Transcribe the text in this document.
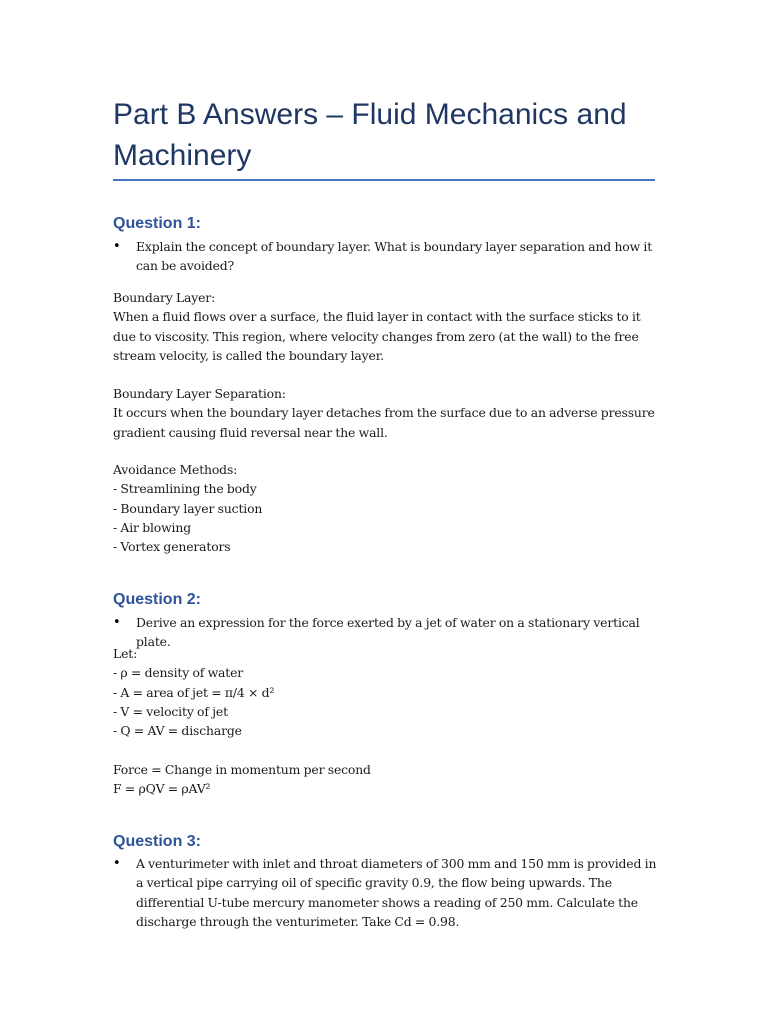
Part B Answers – Fluid Mechanics and Machinery
Question 1:
• Explain the concept of boundary layer. What is boundary layer separation and how it can be avoided?
Boundary Layer:
When a fluid flows over a surface, the fluid layer in contact with the surface sticks to it due to viscosity. This region, where velocity changes from zero (at the wall) to the free stream velocity, is called the boundary layer.
Boundary Layer Separation:
It occurs when the boundary layer detaches from the surface due to an adverse pressure gradient causing fluid reversal near the wall.
Avoidance Methods:
- Streamlining the body
- Boundary layer suction
- Air blowing
- Vortex generators
Question 2:
• Derive an expression for the force exerted by a jet of water on a stationary vertical plate.
Let:
- ρ = density of water
- A = area of jet = π/4 × d²
- V = velocity of jet
- Q = AV = discharge
Force = Change in momentum per second
F = ρQV = ρAV²
Question 3:
• A venturimeter with inlet and throat diameters of 300 mm and 150 mm is provided in a vertical pipe carrying oil of specific gravity 0.9, the flow being upwards. The differential U-tube mercury manometer shows a reading of 250 mm. Calculate the discharge through the venturimeter. Take Cd = 0.98.
